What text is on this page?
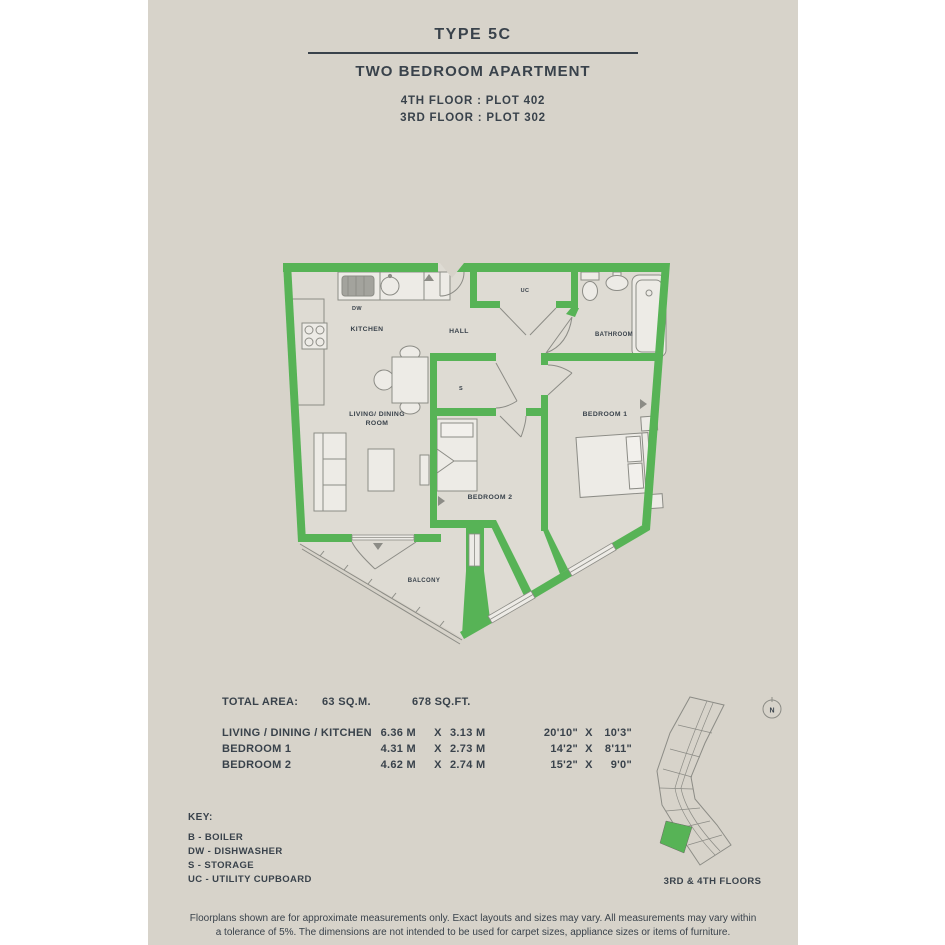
TYPE 5C
TWO BEDROOM APARTMENT
4TH FLOOR : PLOT 402
3RD FLOOR : PLOT 302
KITCHEN
DW
HALL
UC
BATHROOM
LIVING/ DINING
ROOM
S
BEDROOM 1
BEDROOM 2
BALCONY
TOTAL AREA:	63 SQ.M.	678 SQ.FT.
LIVING / DINING / KITCHEN 6.36 M X 3.13 M	20'10" X	10'3"
BEDROOM 1	4.31 M X 2.73 M	14'2" X	8'11"
BEDROOM 2	4.62 M X 2.74 M	15'2" X	9'0"
KEY:
B - BOILER
DW - DISHWASHER
S - STORAGE
UC - UTILITY CUPBOARD
N
3RD & 4TH FLOORS
Floorplans shown are for approximate measurements only. Exact layouts and sizes may vary. All measurements may vary within
a tolerance of 5%. The dimensions are not intended to be used for carpet sizes, appliance sizes or items of furniture.
